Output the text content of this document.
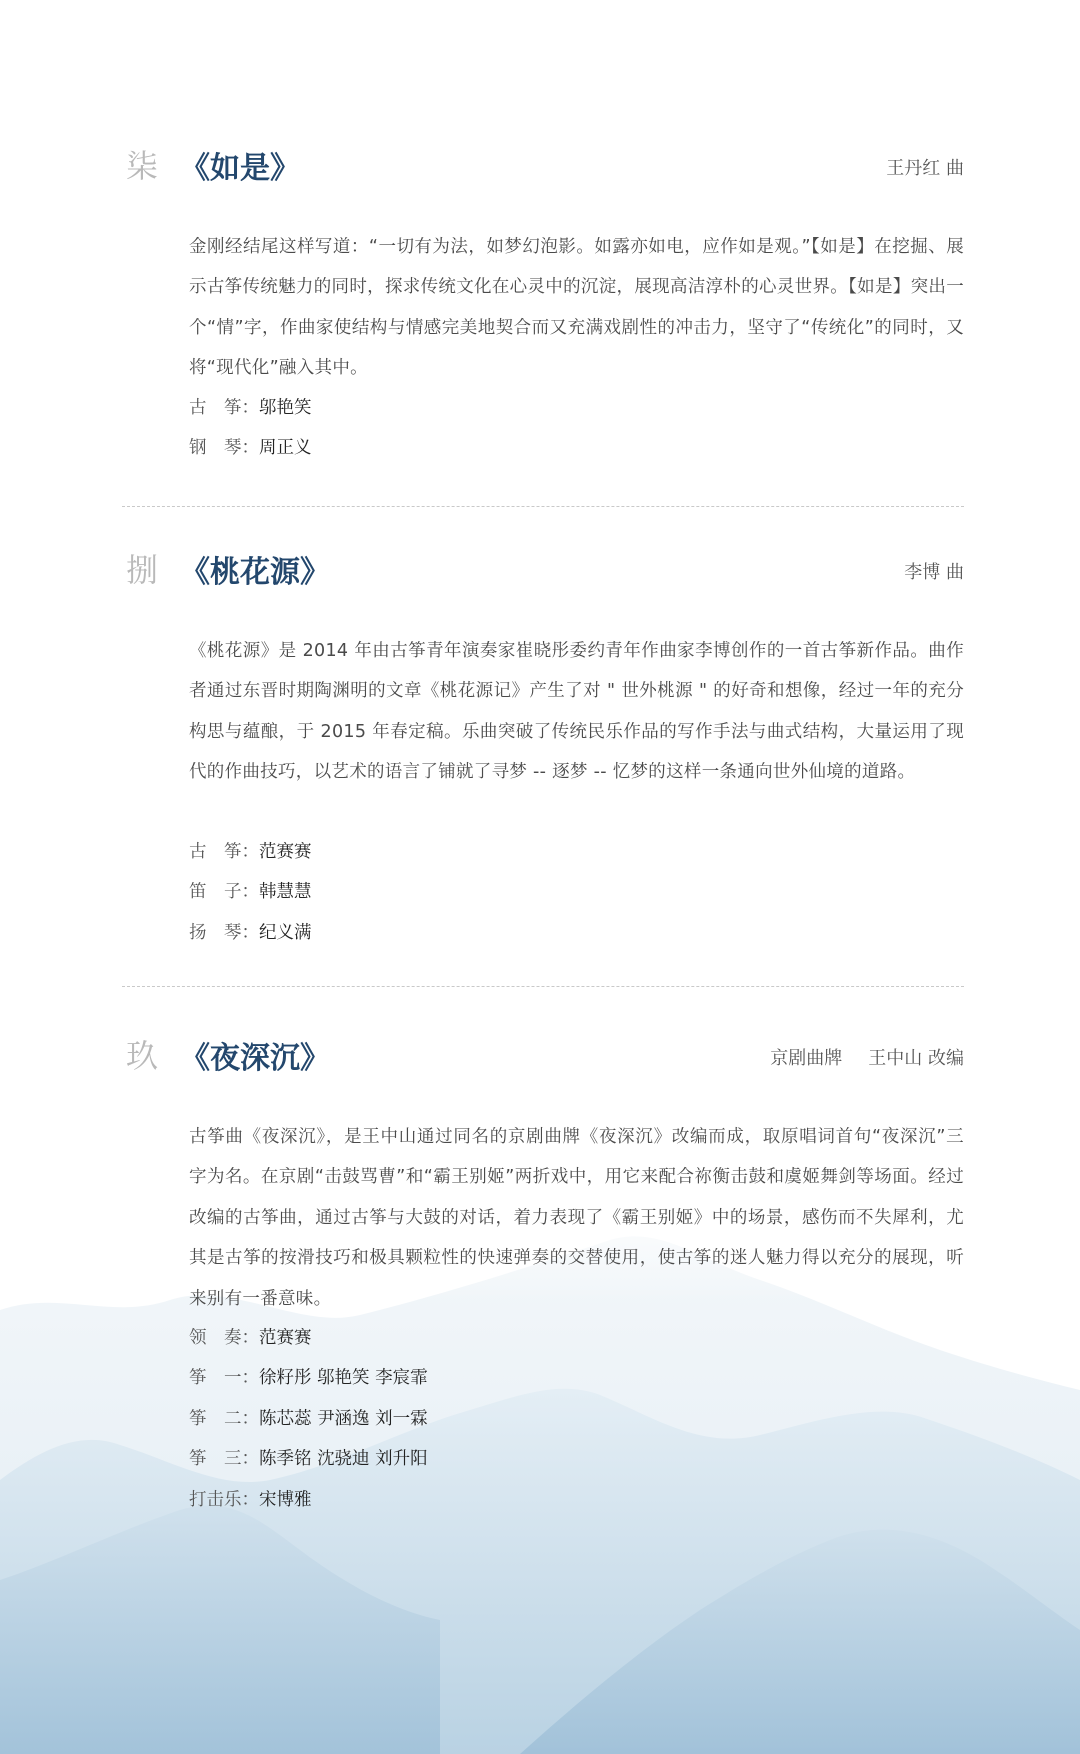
柒 《如是》	王丹红 曲
金刚经结尾这样写道：“一切有为法，如梦幻泡影。如露亦如电，应作如是观。”【如是】在挖掘、展示古筝传统魅力的同时，探求传统文化在心灵中的沉淀，展现高洁淳朴的心灵世界。【如是】突出一个“情”字，作曲家使结构与情感完美地契合而又充满戏剧性的冲击力，坚守了“传统化”的同时，又将“现代化”融入其中。
古　筝：邬艳笑
钢　琴：周正义
捌 《桃花源》	李博 曲
《桃花源》是 2014 年由古筝青年演奏家崔晓彤委约青年作曲家李博创作的一首古筝新作品。曲作者通过东晋时期陶渊明的文章《桃花源记》产生了对 " 世外桃源 " 的好奇和想像，经过一年的充分构思与蕴酿，于 2015 年春定稿。乐曲突破了传统民乐作品的写作手法与曲式结构，大量运用了现代的作曲技巧，以艺术的语言了铺就了寻梦 -- 逐梦 -- 忆梦的这样一条通向世外仙境的道路。
古　筝：范赛赛
笛　子：韩慧慧
扬　琴：纪义满
玖 《夜深沉》	京剧曲牌 王中山 改编
古筝曲《夜深沉》，是王中山通过同名的京剧曲牌《夜深沉》改编而成，取原唱词首句“夜深沉”三字为名。在京剧“击鼓骂曹”和“霸王别姬”两折戏中，用它来配合祢衡击鼓和虞姬舞剑等场面。经过改编的古筝曲，通过古筝与大鼓的对话，着力表现了《霸王别姬》中的场景，感伤而不失犀利，尤其是古筝的按滑技巧和极具颗粒性的快速弹奏的交替使用，使古筝的迷人魅力得以充分的展现，听来别有一番意味。
领　奏：范赛赛
筝　一：徐籽彤 邬艳笑 李宸霏
筝　二：陈芯蕊 尹涵逸 刘一霖
筝　三：陈季铭 沈骁迪 刘升阳
打击乐：宋博雅
